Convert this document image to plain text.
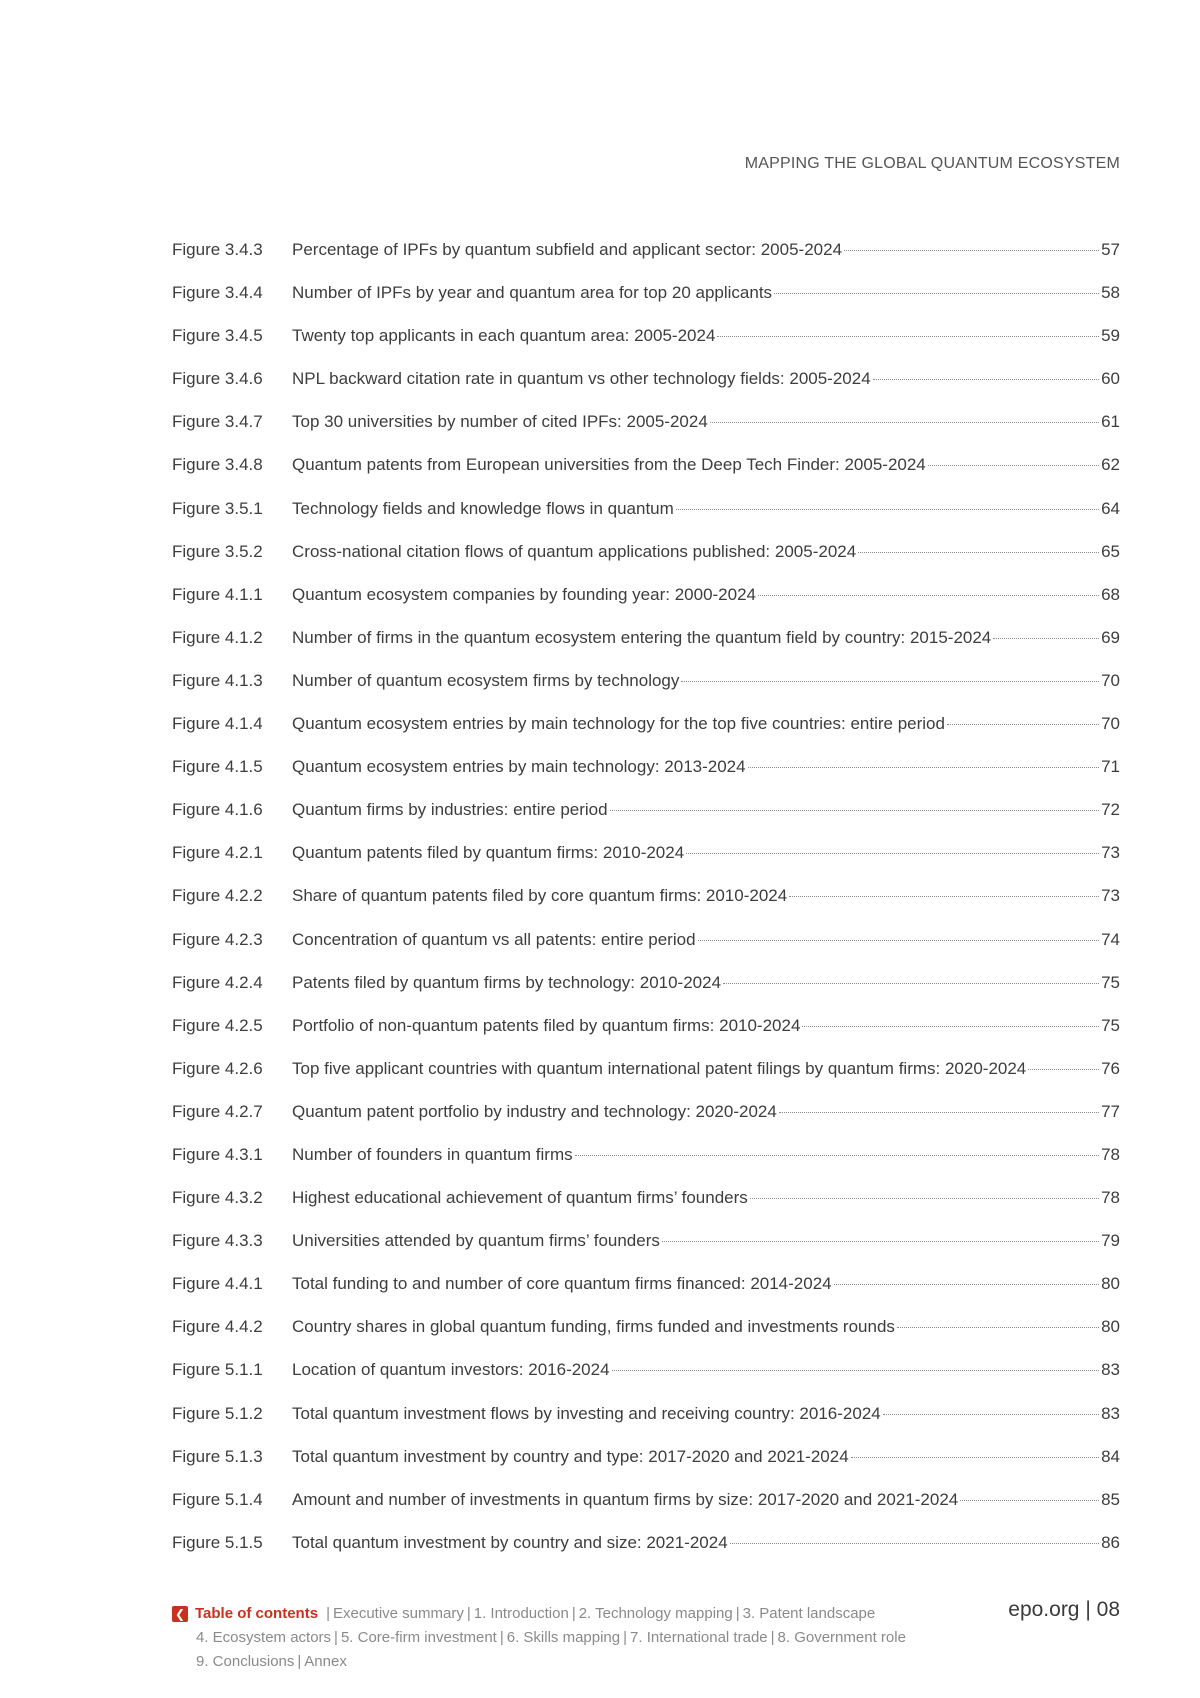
MAPPING THE GLOBAL QUANTUM ECOSYSTEM
Figure 3.4.3	Percentage of IPFs by quantum subfield and applicant sector: 2005-2024	57
Figure 3.4.4	Number of IPFs by year and quantum area for top 20 applicants	58
Figure 3.4.5	Twenty top applicants in each quantum area: 2005-2024	59
Figure 3.4.6	NPL backward citation rate in quantum vs other technology fields: 2005-2024	60
Figure 3.4.7	Top 30 universities by number of cited IPFs: 2005-2024	61
Figure 3.4.8	Quantum patents from European universities from the Deep Tech Finder: 2005-2024	62
Figure 3.5.1	Technology fields and knowledge flows in quantum	64
Figure 3.5.2	Cross-national citation flows of quantum applications published: 2005-2024	65
Figure 4.1.1	Quantum ecosystem companies by founding year: 2000-2024	68
Figure 4.1.2	Number of firms in the quantum ecosystem entering the quantum field by country: 2015-2024	69
Figure 4.1.3	Number of quantum ecosystem firms by technology	70
Figure 4.1.4	Quantum ecosystem entries by main technology for the top five countries: entire period	70
Figure 4.1.5	Quantum ecosystem entries by main technology: 2013-2024	71
Figure 4.1.6	Quantum firms by industries: entire period	72
Figure 4.2.1	Quantum patents filed by quantum firms: 2010-2024	73
Figure 4.2.2	Share of quantum patents filed by core quantum firms: 2010-2024	73
Figure 4.2.3	Concentration of quantum vs all patents: entire period	74
Figure 4.2.4	Patents filed by quantum firms by technology: 2010-2024	75
Figure 4.2.5	Portfolio of non-quantum patents filed by quantum firms: 2010-2024	75
Figure 4.2.6	Top five applicant countries with quantum international patent filings by quantum firms: 2020-2024	76
Figure 4.2.7	Quantum patent portfolio by industry and technology: 2020-2024	77
Figure 4.3.1	Number of founders in quantum firms	78
Figure 4.3.2	Highest educational achievement of quantum firms’ founders	78
Figure 4.3.3	Universities attended by quantum firms’ founders	79
Figure 4.4.1	Total funding to and number of core quantum firms financed: 2014-2024	80
Figure 4.4.2	Country shares in global quantum funding, firms funded and investments rounds	80
Figure 5.1.1	Location of quantum investors: 2016-2024	83
Figure 5.1.2	Total quantum investment flows by investing and receiving country: 2016-2024	83
Figure 5.1.3	Total quantum investment by country and type: 2017-2020 and 2021-2024	84
Figure 5.1.4	Amount and number of investments in quantum firms by size: 2017-2020 and 2021-2024	85
Figure 5.1.5	Total quantum investment by country and size: 2021-2024	86
❮ Table of contents | Executive summary | 1. Introduction | 2. Technology mapping | 3. Patent landscape
4. Ecosystem actors | 5. Core-firm investment | 6. Skills mapping | 7. International trade | 8. Government role
9. Conclusions | Annex
epo.org | 08
